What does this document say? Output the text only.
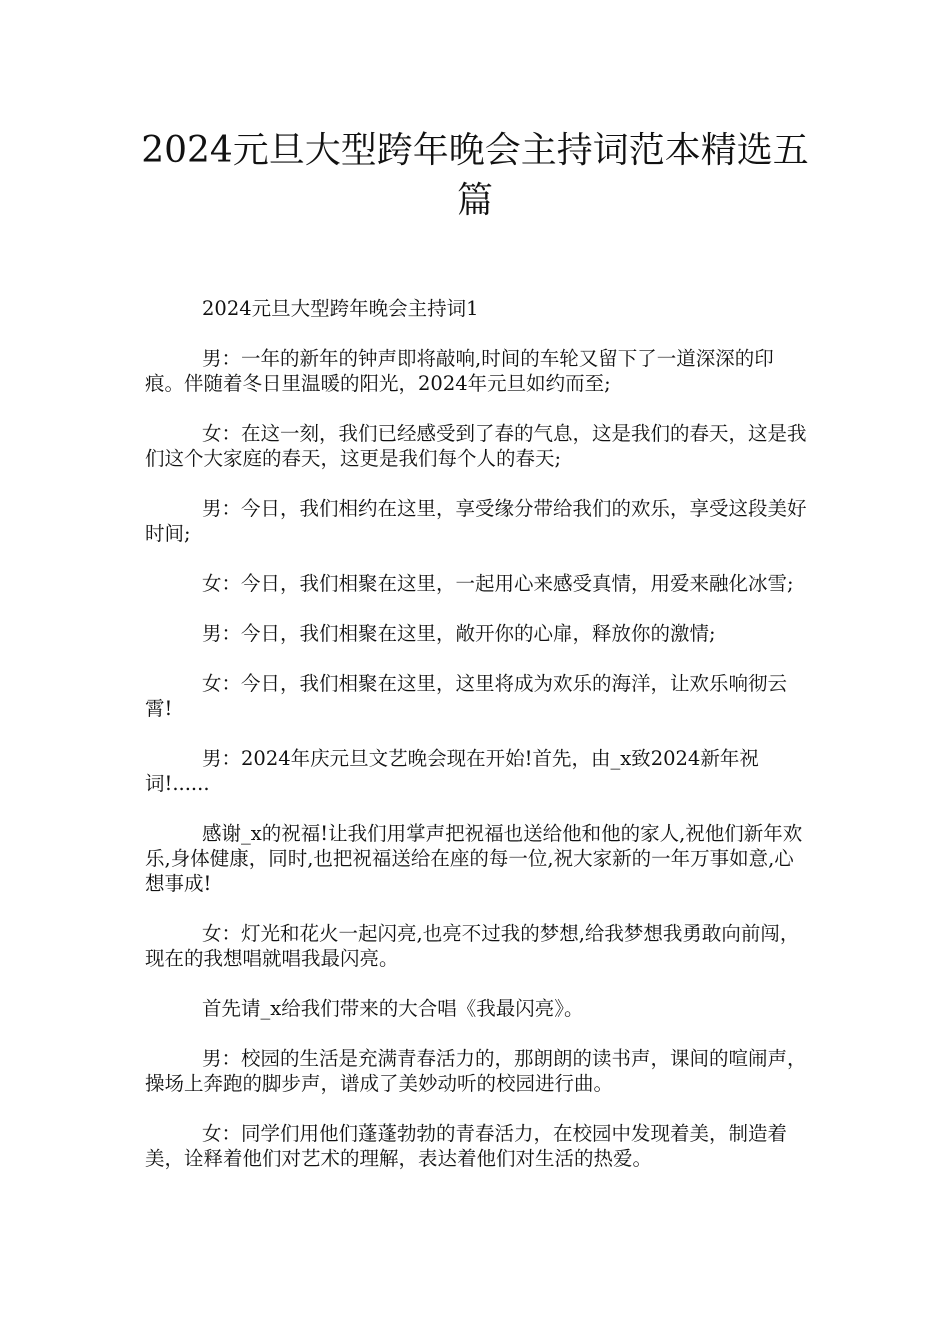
2024元旦大型跨年晚会主持词范本精选五篇

2024元旦大型跨年晚会主持词1

男：一年的新年的钟声即将敲响,时间的车轮又留下了一道深深的印痕。伴随着冬日里温暖的阳光，2024年元旦如约而至;

女：在这一刻，我们已经感受到了春的气息，这是我们的春天，这是我们这个大家庭的春天，这更是我们每个人的春天;

男：今日，我们相约在这里，享受缘分带给我们的欢乐，享受这段美好时间;

女：今日，我们相聚在这里，一起用心来感受真情，用爱来融化冰雪;

男：今日，我们相聚在这里，敞开你的心扉，释放你的激情;

女：今日，我们相聚在这里，这里将成为欢乐的海洋，让欢乐响彻云霄!

男：2024年庆元旦文艺晚会现在开始!首先，由_x致2024新年祝词!......

感谢_x的祝福!让我们用掌声把祝福也送给他和他的家人,祝他们新年欢乐,身体健康，同时,也把祝福送给在座的每一位,祝大家新的一年万事如意,心想事成!

女：灯光和花火一起闪亮,也亮不过我的梦想,给我梦想我勇敢向前闯，现在的我想唱就唱我最闪亮。

首先请_x给我们带来的大合唱《我最闪亮》。

男：校园的生活是充满青春活力的，那朗朗的读书声，课间的喧闹声，操场上奔跑的脚步声，谱成了美妙动听的校园进行曲。

女：同学们用他们蓬蓬勃勃的青春活力，在校园中发现着美，制造着美，诠释着他们对艺术的理解，表达着他们对生活的热爱。
